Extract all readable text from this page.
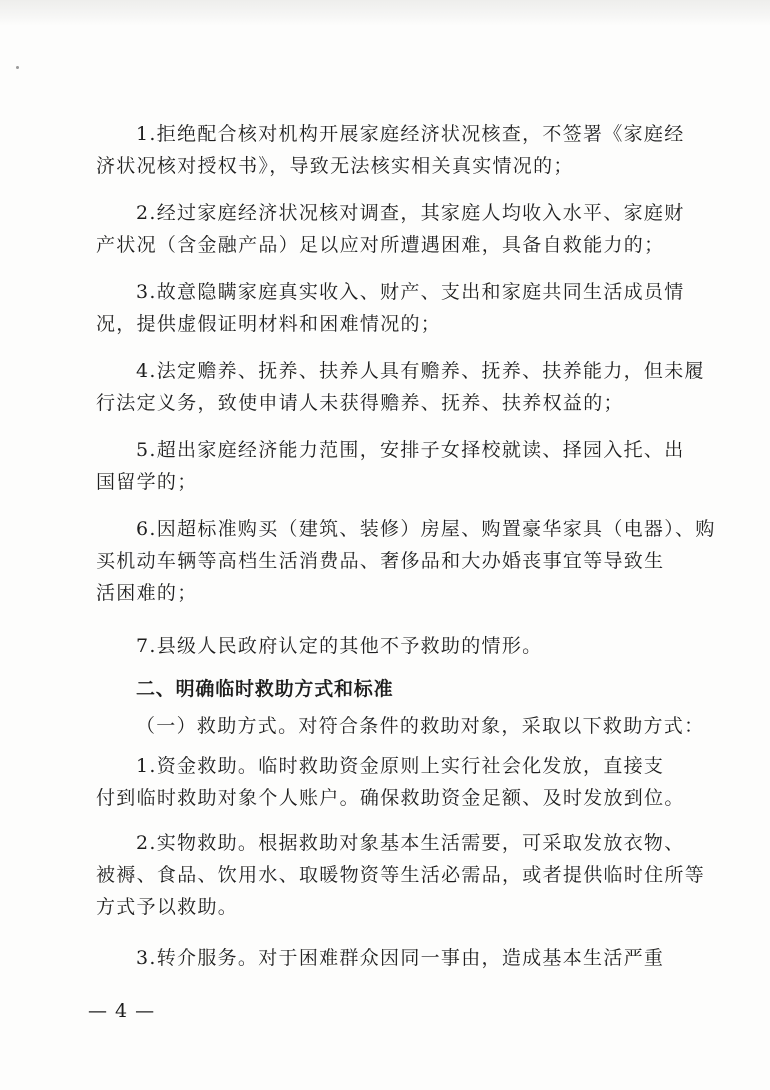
1.拒绝配合核对机构开展家庭经济状况核查，不签署《家庭经
济状况核对授权书》，导致无法核实相关真实情况的；
2.经过家庭经济状况核对调查，其家庭人均收入水平、家庭财
产状况（含金融产品）足以应对所遭遇困难，具备自救能力的；
3.故意隐瞒家庭真实收入、财产、支出和家庭共同生活成员情
况，提供虚假证明材料和困难情况的；
4.法定赡养、抚养、扶养人具有赡养、抚养、扶养能力，但未履
行法定义务，致使申请人未获得赡养、抚养、扶养权益的；
5.超出家庭经济能力范围，安排子女择校就读、择园入托、出
国留学的；
6.因超标准购买（建筑、装修）房屋、购置豪华家具（电器）、购
买机动车辆等高档生活消费品、奢侈品和大办婚丧事宜等导致生
活困难的；
7.县级人民政府认定的其他不予救助的情形。
二、明确临时救助方式和标准
（一）救助方式。对符合条件的救助对象，采取以下救助方式：
1.资金救助。临时救助资金原则上实行社会化发放，直接支
付到临时救助对象个人账户。确保救助资金足额、及时发放到位。
2.实物救助。根据救助对象基本生活需要，可采取发放衣物、
被褥、食品、饮用水、取暖物资等生活必需品，或者提供临时住所等
方式予以救助。
3.转介服务。对于困难群众因同一事由，造成基本生活严重
— 4 —
